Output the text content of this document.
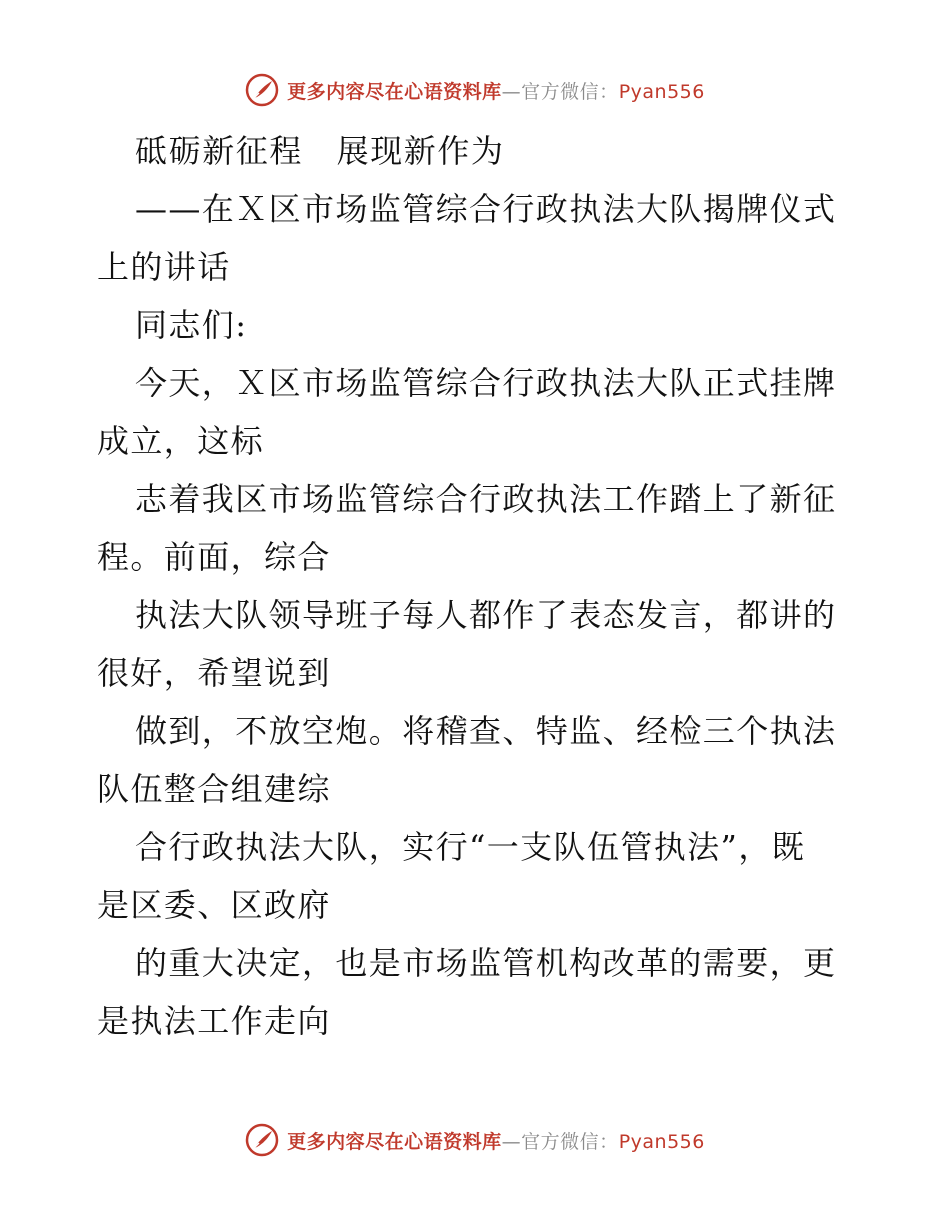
更多内容尽在心语资料库—官方微信：Pyan556
砥砺新征程　展现新作为
——在Ｘ区市场监管综合行政执法大队揭牌仪式
上的讲话
同志们:
今天，Ｘ区市场监管综合行政执法大队正式挂牌
成立，这标
志着我区市场监管综合行政执法工作踏上了新征
程。前面，综合
执法大队领导班子每人都作了表态发言，都讲的
很好，希望说到
做到，不放空炮。将稽查、特监、经检三个执法
队伍整合组建综
合行政执法大队，实行“一支队伍管执法”，既
是区委、区政府
的重大决定，也是市场监管机构改革的需要，更
是执法工作走向
更多内容尽在心语资料库—官方微信：Pyan556
